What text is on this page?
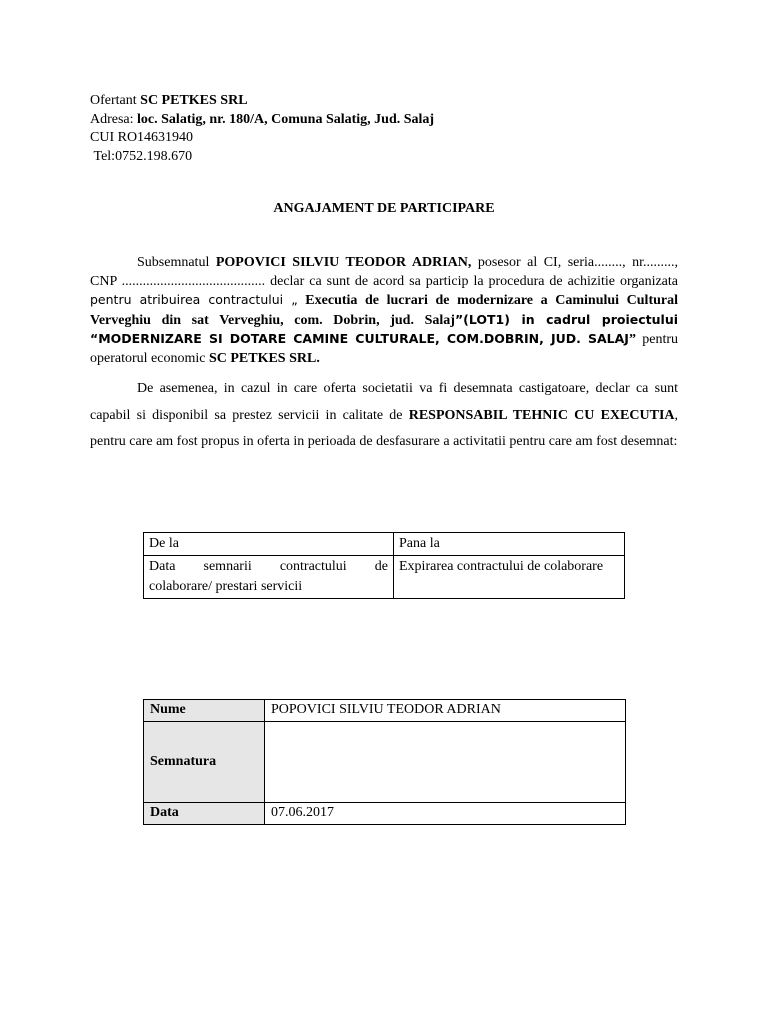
Ofertant SC PETKES SRL
Adresa: loc. Salatig, nr. 180/A, Comuna Salatig, Jud. Salaj
CUI RO14631940
Tel:0752.198.670
ANGAJAMENT DE PARTICIPARE
Subsemnatul POPOVICI SILVIU TEODOR ADRIAN, posesor al CI, seria........, nr........., CNP ......................................... declar ca sunt de acord sa particip la procedura de achizitie organizata pentru atribuirea contractului „ Executia de lucrari de modernizare a Caminului Cultural Verveghiu din sat Verveghiu, com. Dobrin, jud. Salaj”(LOT1) in cadrul proiectului “MODERNIZARE SI DOTARE CAMINE CULTURALE, COM.DOBRIN, JUD. SALAJ” pentru operatorul economic SC PETKES SRL.
De asemenea, in cazul in care oferta societatii va fi desemnata castigatoare, declar ca sunt capabil si disponibil sa prestez servicii in calitate de RESPONSABIL TEHNIC CU EXECUTIA, pentru care am fost propus in oferta in perioada de desfasurare a activitatii pentru care am fost desemnat:
De la	Pana la

Data semnarii contractului de
colaborare/ prestari servicii	Expirarea contractului de colaborare
Nume	POPOVICI SILVIU TEODOR ADRIAN
Semnatura	
Data	07.06.2017
